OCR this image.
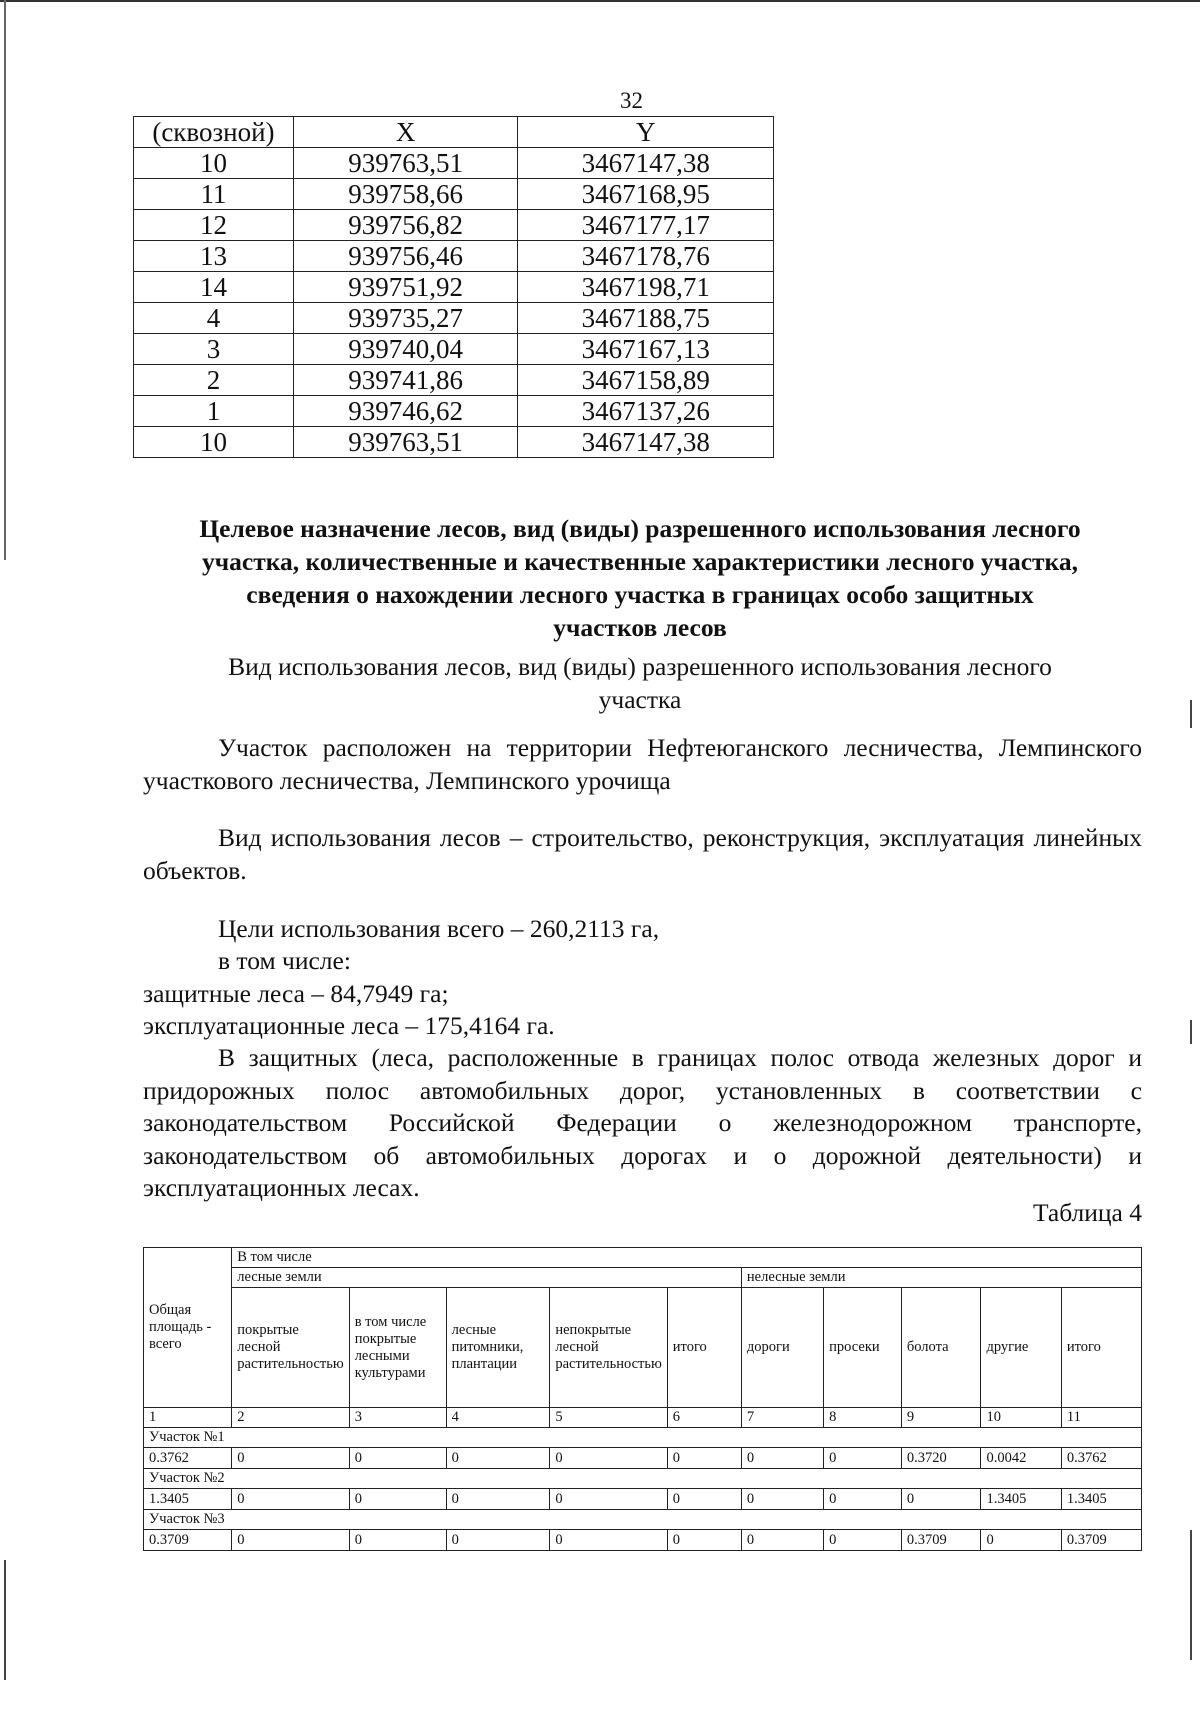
32
(сквозной)	X	Y
10	939763,51	3467147,38
11	939758,66	3467168,95
12	939756,82	3467177,17
13	939756,46	3467178,76
14	939751,92	3467198,71
4	939735,27	3467188,75
3	939740,04	3467167,13
2	939741,86	3467158,89
1	939746,62	3467137,26
10	939763,51	3467147,38
Целевое назначение лесов, вид (виды) разрешенного использования лесного
участка, количественные и качественные характеристики лесного участка,
сведения о нахождении лесного участка в границах особо защитных
участков лесов
Вид использования лесов, вид (виды) разрешенного использования лесного
участка
Участок расположен на территории Нефтеюганского лесничества, Лемпинского участкового лесничества, Лемпинского урочища
Вид использования лесов – строительство, реконструкция, эксплуатация линейных объектов.
Цели использования всего – 260,2113 га,
в том числе:
защитные леса – 84,7949 га;
эксплуатационные леса – 175,4164 га.
В защитных (леса, расположенные в границах полос отвода железных дорог и придорожных полос автомобильных дорог, установленных в соответствии с законодательством Российской Федерации о железнодорожном транспорте, законодательством об автомобильных дорогах и о дорожной деятельности) и эксплуатационных лесах.
Таблица 4
Общая площадь - всего	В том числе									
	лесные земли					нелесные земли				
	покрытые лесной растительностью	в том числе покрытые лесными культурами	лесные питомники, плантации	непокрытые лесной растительностью	итого	дороги	просеки	болота	другие	итого
1	2	3	4	5	6	7	8	9	10	11
Участок №1										
0.3762	0	0	0	0	0	0	0	0.3720	0.0042	0.3762
Участок №2										
1.3405	0	0	0	0	0	0	0	0	1.3405	1.3405
Участок №3										
0.3709	0	0	0	0	0	0	0	0.3709	0	0.3709
